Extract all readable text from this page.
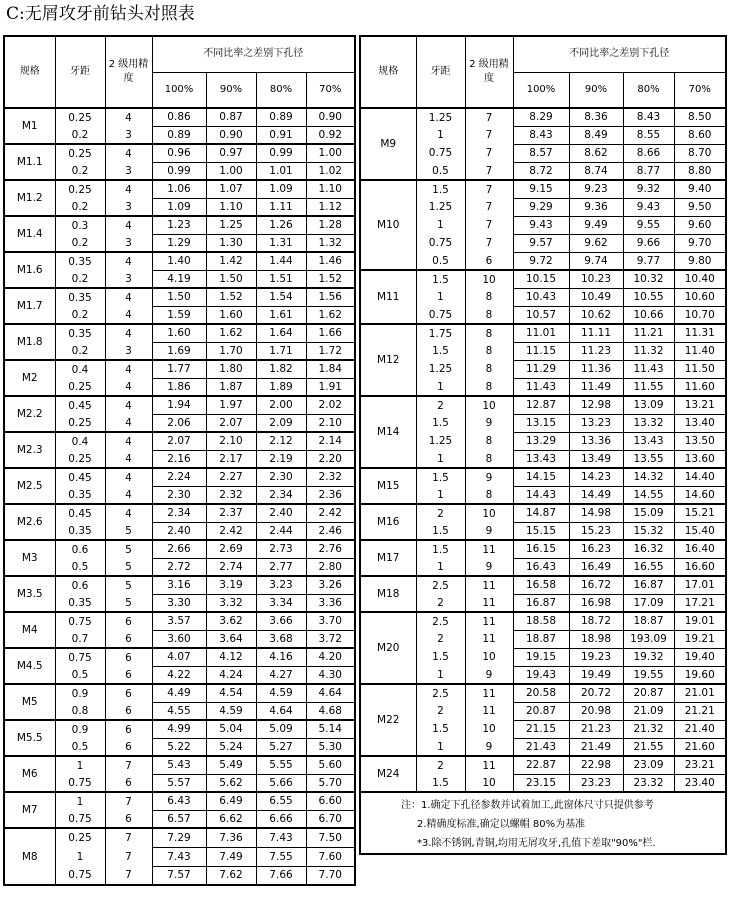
C:无屑攻牙前钻头对照表
规格	牙距	2 级用精度	不同比率之差别下孔径			
			100%	90%	80%	70%
M1	0.25	4	0.86	0.87	0.89	0.90
	0.2	3	0.89	0.90	0.91	0.92
M1.1	0.25	4	0.96	0.97	0.99	1.00
	0.2	3	0.99	1.00	1.01	1.02
M1.2	0.25	4	1.06	1.07	1.09	1.10
	0.2	3	1.09	1.10	1.11	1.12
M1.4	0.3	4	1.23	1.25	1.26	1.28
	0.2	3	1.29	1.30	1.31	1.32
M1.6	0.35	4	1.40	1.42	1.44	1.46
	0.2	3	4.19	1.50	1.51	1.52
M1.7	0.35	4	1.50	1.52	1.54	1.56
	0.2	4	1.59	1.60	1.61	1.62
M1.8	0.35	4	1.60	1.62	1.64	1.66
	0.2	3	1.69	1.70	1.71	1.72
M2	0.4	4	1.77	1.80	1.82	1.84
	0.25	4	1.86	1.87	1.89	1.91
M2.2	0.45	4	1.94	1.97	2.00	2.02
	0.25	4	2.06	2.07	2.09	2.10
M2.3	0.4	4	2.07	2.10	2.12	2.14
	0.25	4	2.16	2.17	2.19	2.20
M2.5	0.45	4	2.24	2.27	2.30	2.32
	0.35	4	2.30	2.32	2.34	2.36
M2.6	0.45	4	2.34	2.37	2.40	2.42
	0.35	5	2.40	2.42	2.44	2.46
M3	0.6	5	2.66	2.69	2.73	2.76
	0.5	5	2.72	2.74	2.77	2.80
M3.5	0.6	5	3.16	3.19	3.23	3.26
	0.35	5	3.30	3.32	3.34	3.36
M4	0.75	6	3.57	3.62	3.66	3.70
	0.7	6	3.60	3.64	3.68	3.72
M4.5	0.75	6	4.07	4.12	4.16	4.20
	0.5	6	4.22	4.24	4.27	4.30
M5	0.9	6	4.49	4.54	4.59	4.64
	0.8	6	4.55	4.59	4.64	4.68
M5.5	0.9	6	4.99	5.04	5.09	5.14
	0.5	6	5.22	5.24	5.27	5.30
M6	1	7	5.43	5.49	5.55	5.60
	0.75	6	5.57	5.62	5.66	5.70
M7	1	7	6.43	6.49	6.55	6.60
	0.75	6	6.57	6.62	6.66	6.70
M8	0.25	7	7.29	7.36	7.43	7.50
	1	7	7.43	7.49	7.55	7.60
	0.75	7	7.57	7.62	7.66	7.70
规格	牙距	2 级用精度	不同比率之差别下孔径			
			100%	90%	80%	70%
M9	1.25	7	8.29	8.36	8.43	8.50
	1	7	8.43	8.49	8.55	8.60
	0.75	7	8.57	8.62	8.66	8.70
	0.5	7	8.72	8.74	8.77	8.80
M10	1.5	7	9.15	9.23	9.32	9.40
	1.25	7	9.29	9.36	9.43	9.50
	1	7	9.43	9.49	9.55	9.60
	0.75	7	9.57	9.62	9.66	9.70
	0.5	6	9.72	9.74	9.77	9.80
M11	1.5	10	10.15	10.23	10.32	10.40
	1	8	10.43	10.49	10.55	10.60
	0.75	8	10.57	10.62	10.66	10.70
M12	1.75	8	11.01	11.11	11.21	11.31
	1.5	8	11.15	11.23	11.32	11.40
	1.25	8	11.29	11.36	11.43	11.50
	1	8	11.43	11.49	11.55	11.60
M14	2	10	12.87	12.98	13.09	13.21
	1.5	9	13.15	13.23	13.32	13.40
	1.25	8	13.29	13.36	13.43	13.50
	1	8	13.43	13.49	13.55	13.60
M15	1.5	9	14.15	14.23	14.32	14.40
	1	8	14.43	14.49	14.55	14.60
M16	2	10	14.87	14.98	15.09	15.21
	1.5	9	15.15	15.23	15.32	15.40
M17	1.5	11	16.15	16.23	16.32	16.40
	1	9	16.43	16.49	16.55	16.60
M18	2.5	11	16.58	16.72	16.87	17.01
	2	11	16.87	16.98	17.09	17.21
M20	2.5	11	18.58	18.72	18.87	19.01
	2	11	18.87	18.98	193.09	19.21
	1.5	10	19.15	19.23	19.32	19.40
	1	9	19.43	19.49	19.55	19.60
M22	2.5	11	20.58	20.72	20.87	21.01
	2	11	20.87	20.98	21.09	21.21
	1.5	10	21.15	21.23	21.32	21.40
	1	9	21.43	21.49	21.55	21.60
M24	2	11	22.87	22.98	23.09	23.21
	1.5	10	23.15	23.23	23.32	23.40

注：1.确定下孔径参数并试着加工,此窗体尺寸只提供参考
2.精确度标准,确定以螺帽 80%为基准
*3.除不锈钢,青铜,均用无屑攻牙,孔值下差取"90%"栏.						
